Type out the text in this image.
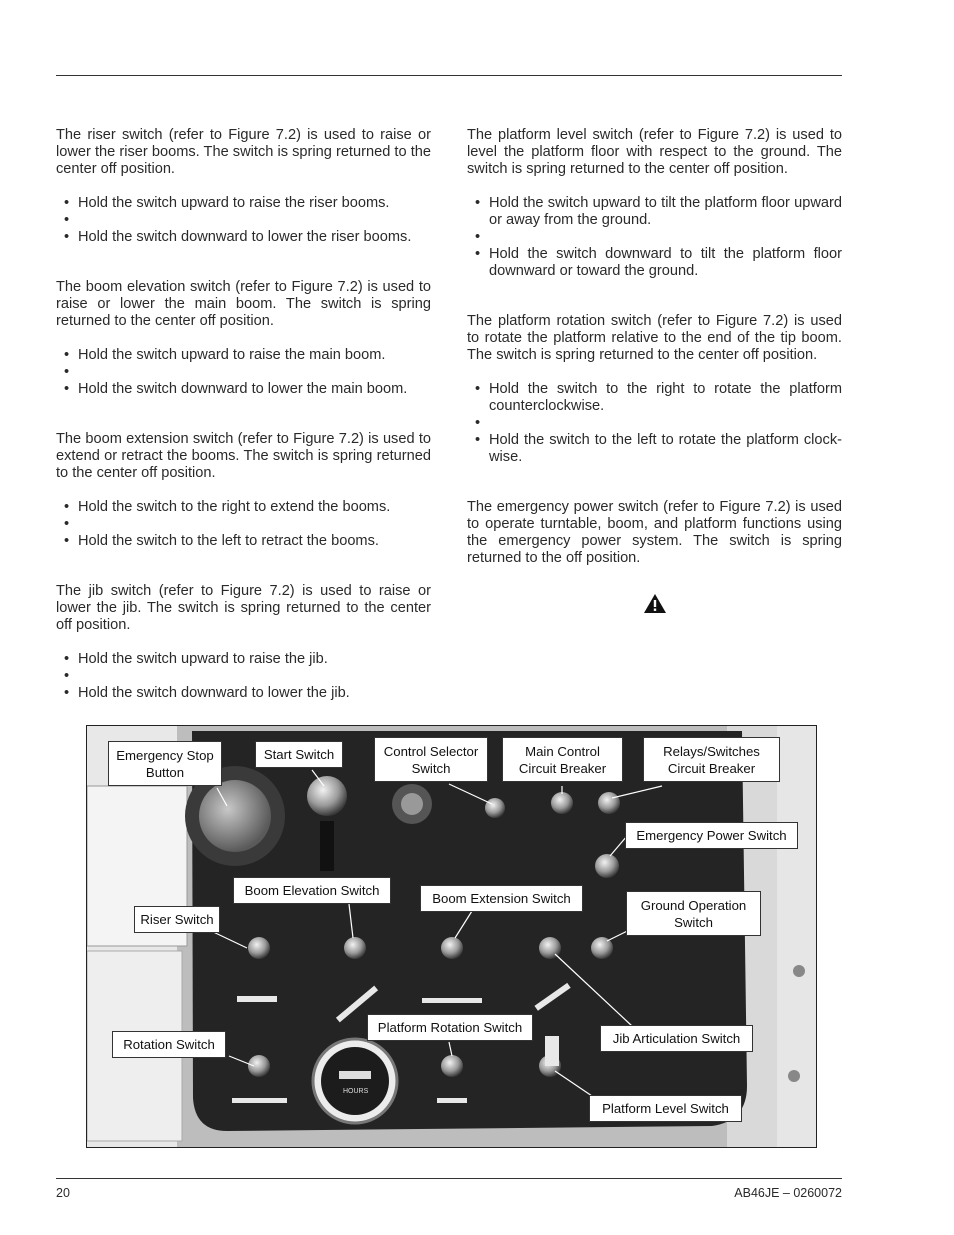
The riser switch (refer to Figure 7.2) is used to raise or lower the riser booms. The switch is spring returned to the center off position.

• Hold the switch upward to raise the riser booms.
•
• Hold the switch downward to lower the riser booms.

The boom elevation switch (refer to Figure 7.2) is used to raise or lower the main boom. The switch is spring returned to the center off position.

• Hold the switch upward to raise the main boom.
•
• Hold the switch downward to lower the main boom.

The boom extension switch (refer to Figure 7.2) is used to extend or retract the booms. The switch is spring returned to the center off position.

• Hold the switch to the right to extend the booms.
•
• Hold the switch to the left to retract the booms.

The jib switch (refer to Figure 7.2) is used to raise or lower the jib. The switch is spring returned to the center off position.

• Hold the switch upward to raise the jib.
•
• Hold the switch downward to lower the jib.

The platform level switch (refer to Figure 7.2) is used to level the platform floor with respect to the ground. The switch is spring returned to the center off position.

• Hold the switch upward to tilt the platform floor upward or away from the ground.
•
• Hold the switch downward to tilt the platform floor downward or toward the ground.

The platform rotation switch (refer to Figure 7.2) is used to rotate the platform relative to the end of the tip boom. The switch is spring returned to the center off position.

• Hold the switch to the right to rotate the platform counterclockwise.
•
• Hold the switch to the left to rotate the platform clock-wise.

The emergency power switch (refer to Figure 7.2) is used to operate turntable, boom, and platform functions using the emergency power system. The switch is spring returned to the off position.

HOURS
Emergency Stop Button
Start Switch	Control Selector Switch
Main Control Circuit Breaker
Relays/Switches Circuit Breaker
Emergency Power Switch
Boom Elevation Switch
Boom Extension Switch	Ground Operation Switch
Riser Switch
Platform Rotation Switch
Jib Articulation Switch
Rotation Switch
Platform Level Switch
20	AB46JE – 0260072
